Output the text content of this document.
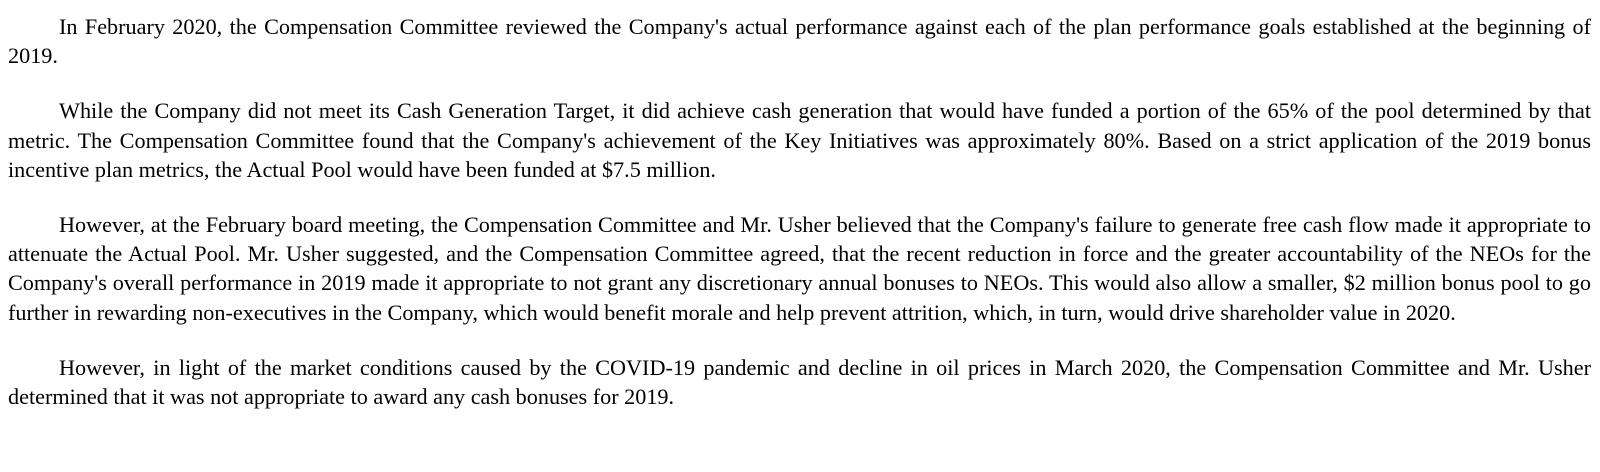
In February 2020, the Compensation Committee reviewed the Company's actual performance against each of the plan performance goals established at the beginning of 2019.

While the Company did not meet its Cash Generation Target, it did achieve cash generation that would have funded a portion of the 65% of the pool determined by that metric. The Compensation Committee found that the Company's achievement of the Key Initiatives was approximately 80%. Based on a strict application of the 2019 bonus incentive plan metrics, the Actual Pool would have been funded at $7.5 million.

However, at the February board meeting, the Compensation Committee and Mr. Usher believed that the Company's failure to generate free cash flow made it appropriate to attenuate the Actual Pool. Mr. Usher suggested, and the Compensation Committee agreed, that the recent reduction in force and the greater accountability of the NEOs for the Company's overall performance in 2019 made it appropriate to not grant any discretionary annual bonuses to NEOs. This would also allow a smaller, $2 million bonus pool to go further in rewarding non-executives in the Company, which would benefit morale and help prevent attrition, which, in turn, would drive shareholder value in 2020.

However, in light of the market conditions caused by the COVID-19 pandemic and decline in oil prices in March 2020, the Compensation Committee and Mr. Usher determined that it was not appropriate to award any cash bonuses for 2019.
